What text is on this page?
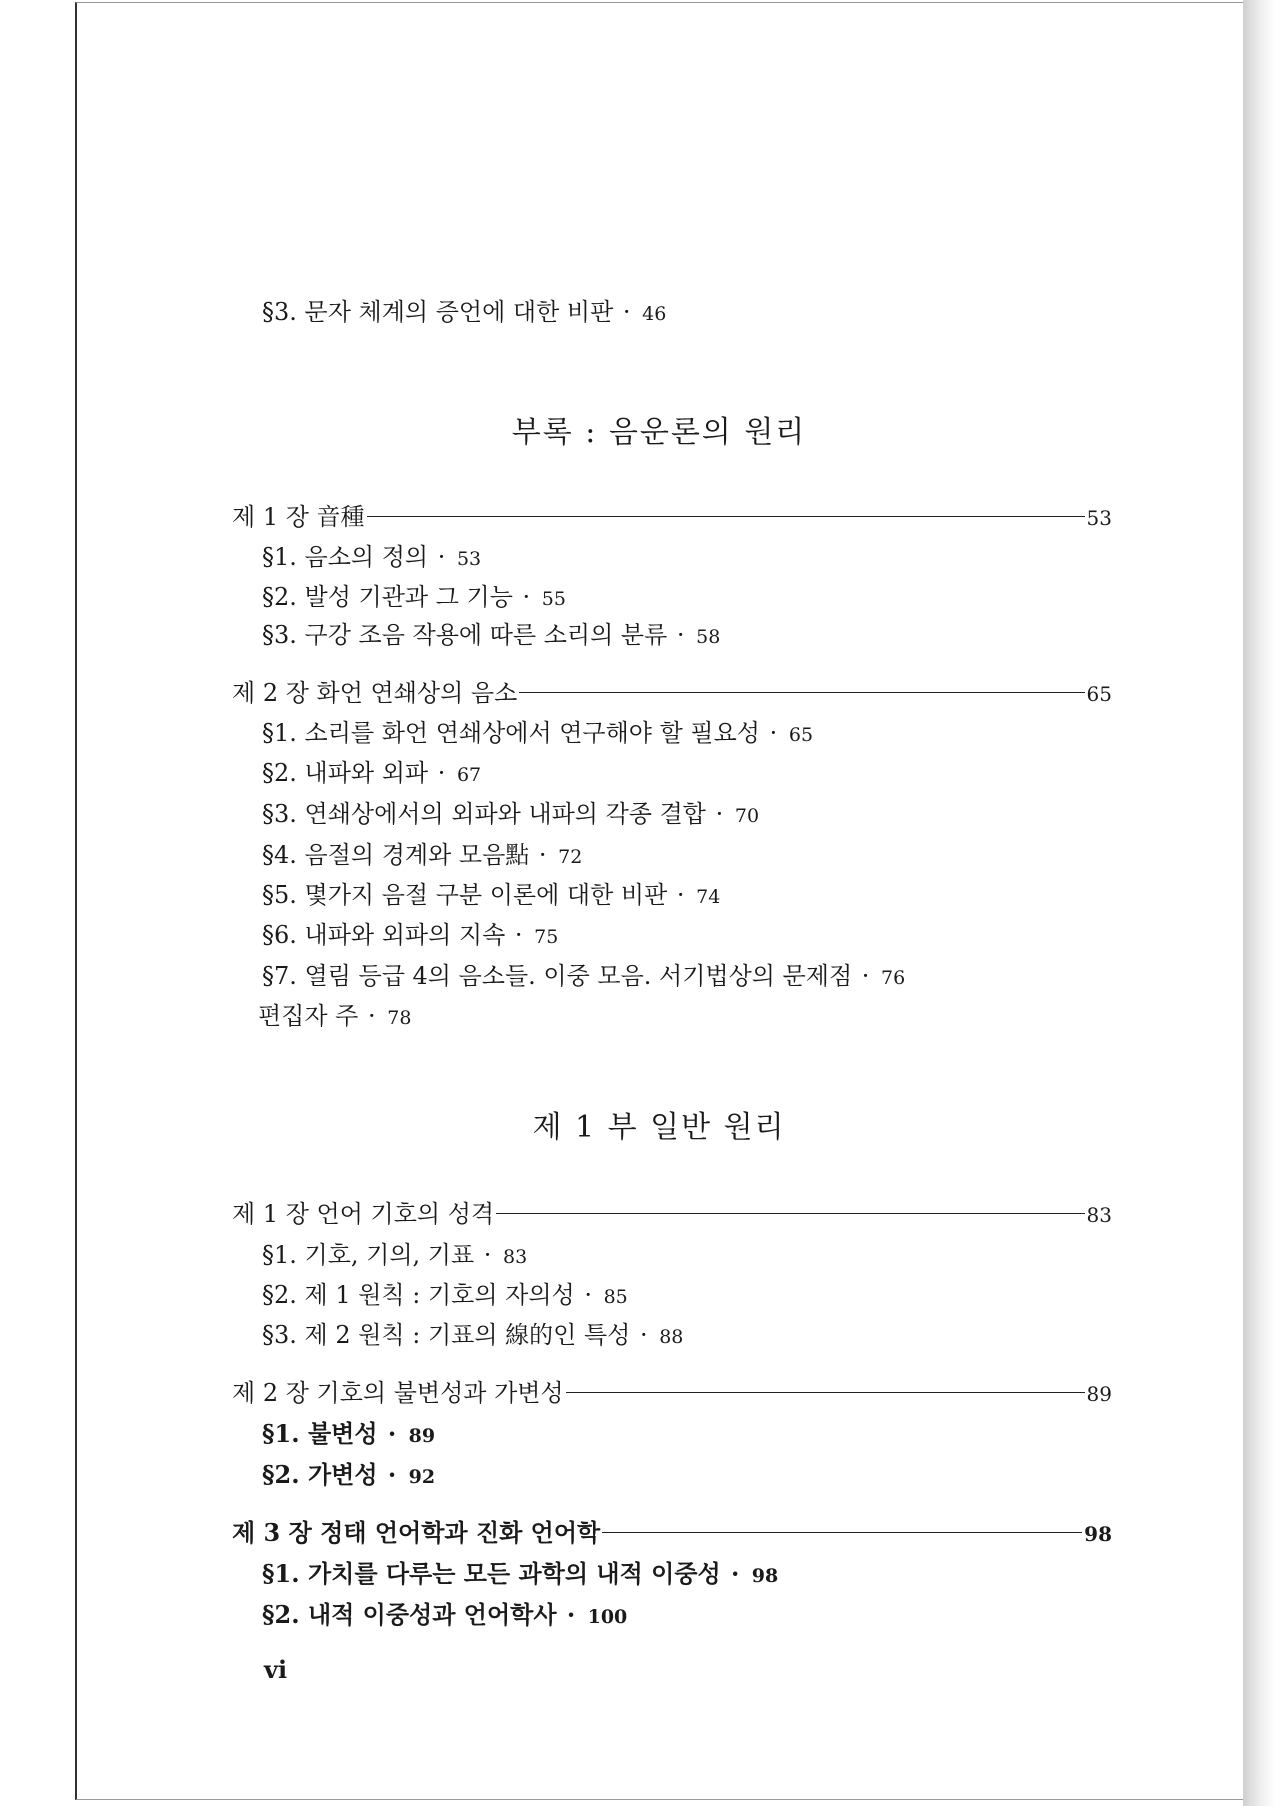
§3. 문자 체계의 증언에 대한 비판 · 46
부록 : 음운론의 원리
제 1 장 音種	53
§1. 음소의 정의 · 53
§2. 발성 기관과 그 기능 · 55
§3. 구강 조음 작용에 따른 소리의 분류 · 58
제 2 장 화언 연쇄상의 음소	65
§1. 소리를 화언 연쇄상에서 연구해야 할 필요성 · 65
§2. 내파와 외파 · 67
§3. 연쇄상에서의 외파와 내파의 각종 결합 · 70
§4. 음절의 경계와 모음點 · 72
§5. 몇가지 음절 구분 이론에 대한 비판 · 74
§6. 내파와 외파의 지속 · 75
§7. 열림 등급 4의 음소들. 이중 모음. 서기법상의 문제점 · 76
편집자 주 · 78
제 1 부 일반 원리
제 1 장 언어 기호의 성격	83
§1. 기호, 기의, 기표 · 83
§2. 제 1 원칙 : 기호의 자의성 · 85
§3. 제 2 원칙 : 기표의 線的인 특성 · 88
제 2 장 기호의 불변성과 가변성	89
§1. 불변성 · 89
§2. 가변성 · 92
제 3 장 정태 언어학과 진화 언어학	98
§1. 가치를 다루는 모든 과학의 내적 이중성 · 98
§2. 내적 이중성과 언어학사 · 100
vi
